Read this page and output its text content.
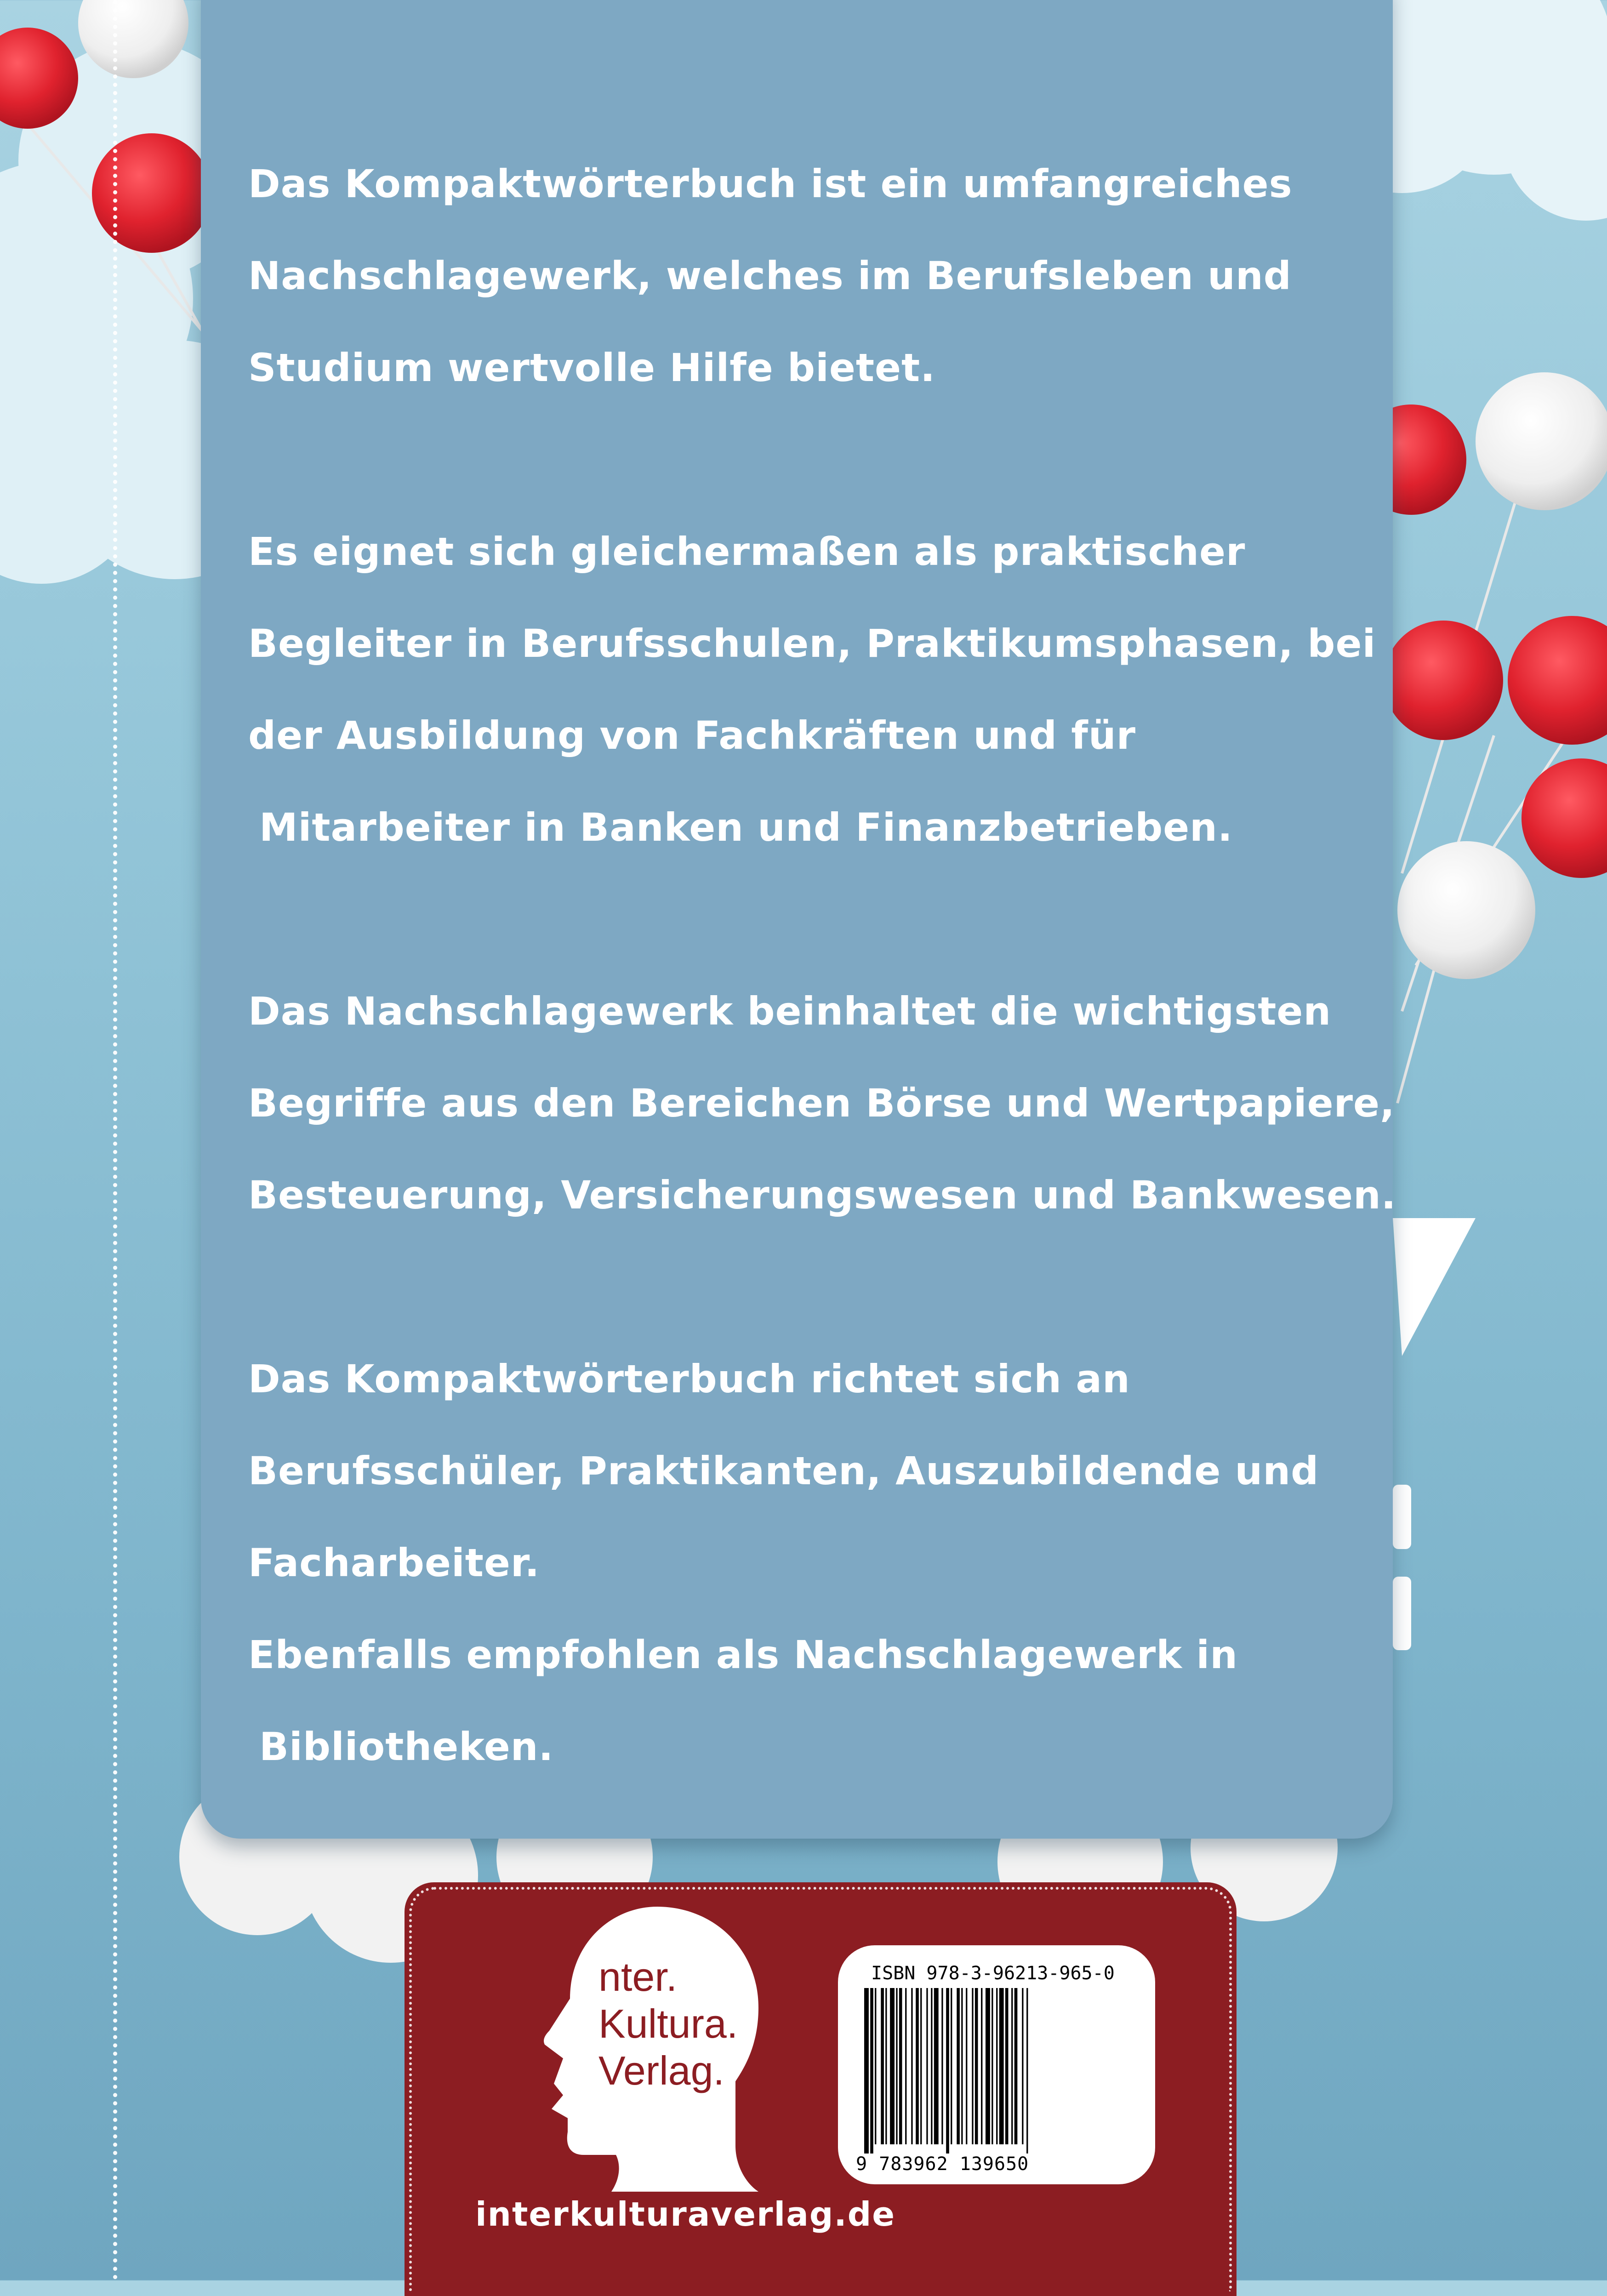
Das Kompaktwörterbuch ist ein umfangreiches
Nachschlagewerk, welches im Berufsleben und
Studium wertvolle Hilfe bietet.
Es eignet sich gleichermaßen als praktischer
Begleiter in Berufsschulen, Praktikumsphasen, bei
der Ausbildung von Fachkräften und für
Mitarbeiter in Banken und Finanzbetrieben.
Das Nachschlagewerk beinhaltet die wichtigsten
Begriffe aus den Bereichen Börse und Wertpapiere,
Besteuerung, Versicherungswesen und Bankwesen.
Das Kompaktwörterbuch richtet sich an
Berufsschüler, Praktikanten, Auszubildende und
Facharbeiter.
Ebenfalls empfohlen als Nachschlagewerk in
Bibliotheken.
nter.
Kultura.
Verlag.
ISBN 978-3-96213-965-0
9 783962 139650
interkulturaverlag.de
